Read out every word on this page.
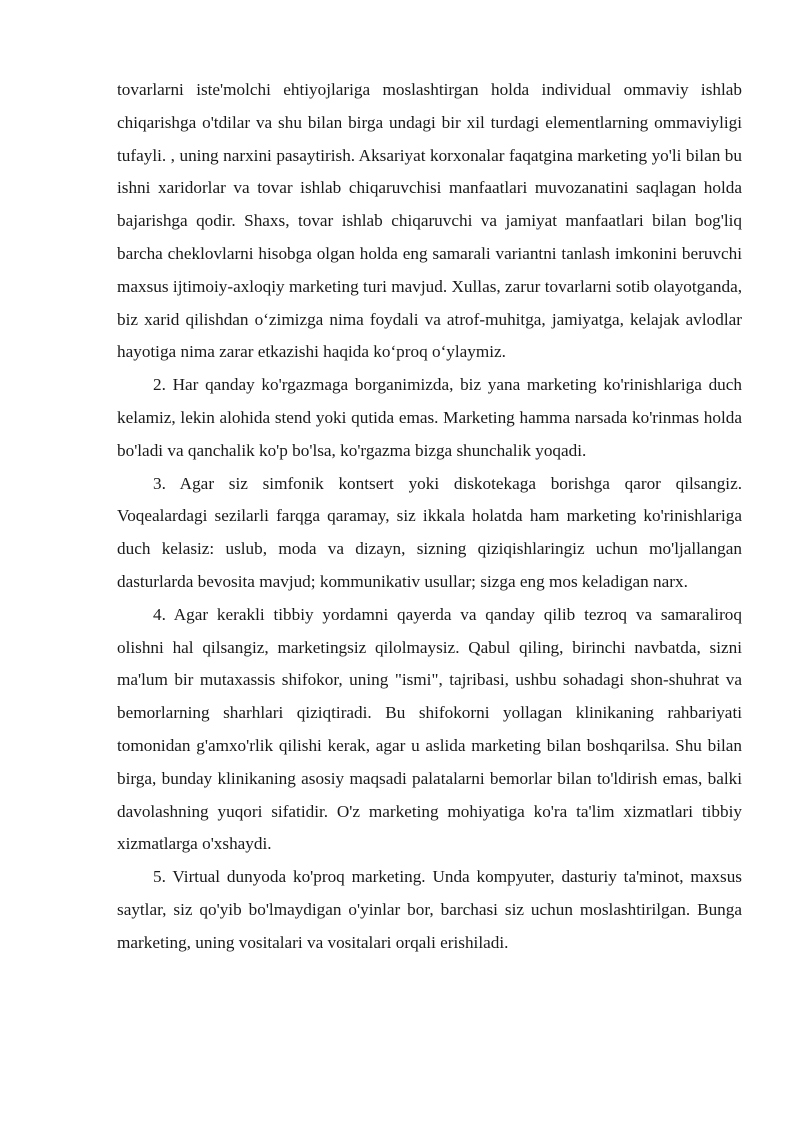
tovarlarni iste'molchi ehtiyojlariga moslashtirgan holda individual ommaviy ishlab chiqarishga o'tdilar va shu bilan birga undagi bir xil turdagi elementlarning ommaviyligi tufayli. , uning narxini pasaytirish. Aksariyat korxonalar faqatgina marketing yo'li bilan bu ishni xaridorlar va tovar ishlab chiqaruvchisi manfaatlari muvozanatini saqlagan holda bajarishga qodir. Shaxs, tovar ishlab chiqaruvchi va jamiyat manfaatlari bilan bog'liq barcha cheklovlarni hisobga olgan holda eng samarali variantni tanlash imkonini beruvchi maxsus ijtimoiy-axloqiy marketing turi mavjud. Xullas, zarur tovarlarni sotib olayotganda, biz xarid qilishdan o‘zimizga nima foydali va atrof-muhitga, jamiyatga, kelajak avlodlar hayotiga nima zarar etkazishi haqida ko‘proq o‘ylaymiz.

2. Har qanday ko'rgazmaga borganimizda, biz yana marketing ko'rinishlariga duch kelamiz, lekin alohida stend yoki qutida emas. Marketing hamma narsada ko'rinmas holda bo'ladi va qanchalik ko'p bo'lsa, ko'rgazma bizga shunchalik yoqadi.

3. Agar siz simfonik kontsert yoki diskotekaga borishga qaror qilsangiz. Voqealardagi sezilarli farqga qaramay, siz ikkala holatda ham marketing ko'rinishlariga duch kelasiz: uslub, moda va dizayn, sizning qiziqishlaringiz uchun mo'ljallangan dasturlarda bevosita mavjud; kommunikativ usullar; sizga eng mos keladigan narx.

4. Agar kerakli tibbiy yordamni qayerda va qanday qilib tezroq va samaraliroq olishni hal qilsangiz, marketingsiz qilolmaysiz. Qabul qiling, birinchi navbatda, sizni ma'lum bir mutaxassis shifokor, uning "ismi", tajribasi, ushbu sohadagi shon-shuhrat va bemorlarning sharhlari qiziqtiradi. Bu shifokorni yollagan klinikaning rahbariyati tomonidan g'amxo'rlik qilishi kerak, agar u aslida marketing bilan boshqarilsa. Shu bilan birga, bunday klinikaning asosiy maqsadi palatalarni bemorlar bilan to'ldirish emas, balki davolashning yuqori sifatidir. O'z marketing mohiyatiga ko'ra ta'lim xizmatlari tibbiy xizmatlarga o'xshaydi.

5. Virtual dunyoda ko'proq marketing. Unda kompyuter, dasturiy ta'minot, maxsus saytlar, siz qo'yib bo'lmaydigan o'yinlar bor, barchasi siz uchun moslashtirilgan. Bunga marketing, uning vositalari va vositalari orqali erishiladi.
